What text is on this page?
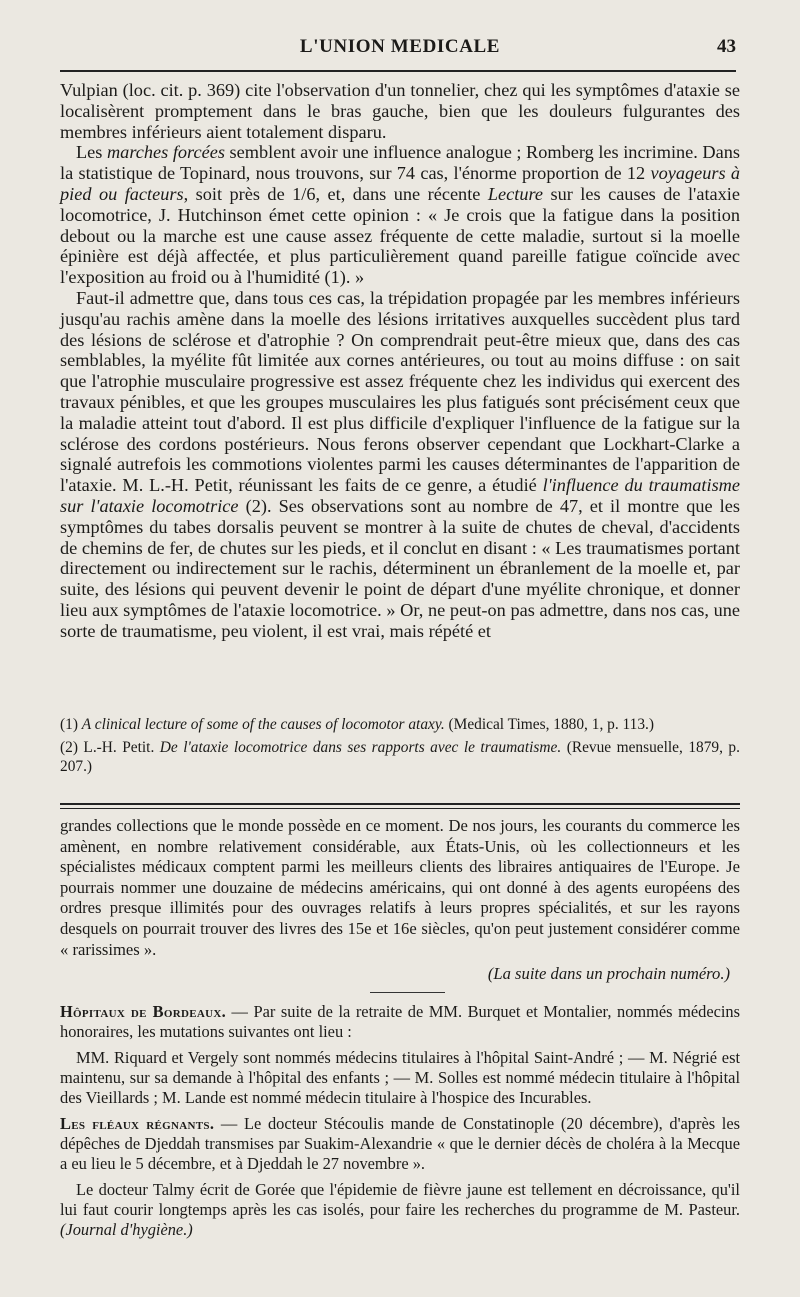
L'UNION MEDICALE	43

Vulpian (loc. cit. p. 369) cite l'observation d'un tonnelier, chez qui les symptômes d'ataxie se localisèrent promptement dans le bras gauche, bien que les douleurs fulgurantes des membres inférieurs aient totalement disparu.

Les marches forcées semblent avoir une influence analogue ; Romberg les incrimine. Dans la statistique de Topinard, nous trouvons, sur 74 cas, l'énorme proportion de 12 voyageurs à pied ou facteurs, soit près de 1/6, et, dans une récente Lecture sur les causes de l'ataxie locomotrice, J. Hutchinson émet cette opinion : « Je crois que la fatigue dans la position debout ou la marche est une cause assez fréquente de cette maladie, surtout si la moelle épinière est déjà affectée, et plus particulièrement quand pareille fatigue coïncide avec l'exposition au froid ou à l'humidité (1). »

Faut-il admettre que, dans tous ces cas, la trépidation propagée par les membres inférieurs jusqu'au rachis amène dans la moelle des lésions irritatives auxquelles succèdent plus tard des lésions de sclérose et d'atrophie ? On comprendrait peut-être mieux que, dans des cas semblables, la myélite fût limitée aux cornes antérieures, ou tout au moins diffuse : on sait que l'atrophie musculaire progressive est assez fréquente chez les individus qui exercent des travaux pénibles, et que les groupes musculaires les plus fatigués sont précisément ceux que la maladie atteint tout d'abord. Il est plus difficile d'expliquer l'influence de la fatigue sur la sclérose des cordons postérieurs. Nous ferons observer cependant que Lockhart-Clarke a signalé autrefois les commotions violentes parmi les causes déterminantes de l'apparition de l'ataxie. M. L.-H. Petit, réunissant les faits de ce genre, a étudié l'influence du traumatisme sur l'ataxie locomotrice (2). Ses observations sont au nombre de 47, et il montre que les symptômes du tabes dorsalis peuvent se montrer à la suite de chutes de cheval, d'accidents de chemins de fer, de chutes sur les pieds, et il conclut en disant : « Les traumatismes portant directement ou indirectement sur le rachis, déterminent un ébranlement de la moelle et, par suite, des lésions qui peuvent devenir le point de départ d'une myélite chronique, et donner lieu aux symptômes de l'ataxie locomotrice. » Or, ne peut-on pas admettre, dans nos cas, une sorte de traumatisme, peu violent, il est vrai, mais répété et

(1) A clinical lecture of some of the causes of locomotor ataxy. (Medical Times, 1880, 1, p. 113.)

(2) L.-H. Petit. De l'ataxie locomotrice dans ses rapports avec le traumatisme. (Revue mensuelle, 1879, p. 207.)

grandes collections que le monde possède en ce moment. De nos jours, les courants du commerce les amènent, en nombre relativement considérable, aux États-Unis, où les collectionneurs et les spécialistes médicaux comptent parmi les meilleurs clients des libraires antiquaires de l'Europe. Je pourrais nommer une douzaine de médecins américains, qui ont donné à des agents européens des ordres presque illimités pour des ouvrages relatifs à leurs propres spécialités, et sur les rayons desquels on pourrait trouver des livres des 15e et 16e siècles, qu'on peut justement considérer comme « rarissimes ».

(La suite dans un prochain numéro.)

Hôpitaux de Bordeaux. — Par suite de la retraite de MM. Burquet et Montalier, nommés médecins honoraires, les mutations suivantes ont lieu :

MM. Riquard et Vergely sont nommés médecins titulaires à l'hôpital Saint-André ; — M. Négrié est maintenu, sur sa demande à l'hôpital des enfants ; — M. Solles est nommé médecin titulaire à l'hôpital des Vieillards ; M. Lande est nommé médecin titulaire à l'hospice des Incurables.

Les fléaux régnants. — Le docteur Stécoulis mande de Constatinople (20 décembre), d'après les dépêches de Djeddah transmises par Suakim-Alexandrie « que le dernier décès de choléra à la Mecque a eu lieu le 5 décembre, et à Djeddah le 27 novembre ».

Le docteur Talmy écrit de Gorée que l'épidemie de fièvre jaune est tellement en décroissance, qu'il lui faut courir longtemps après les cas isolés, pour faire les recherches du programme de M. Pasteur. (Journal d'hygiène.)
